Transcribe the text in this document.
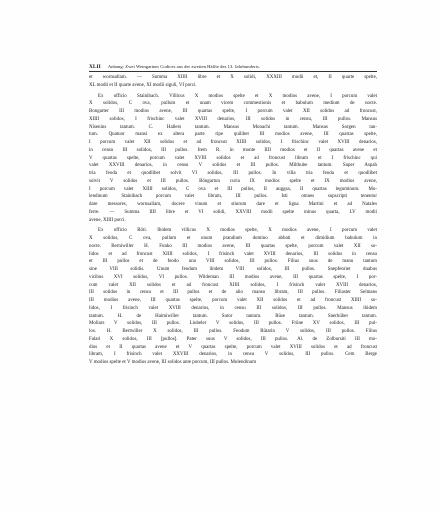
XLII Anhang: Zwei Weingartner Codices aus der zweiten Hälfte des 13. Jahrhunderts.
et wornsallam. — Summa XIIII libre et X solidi, XXXIII modii et, II quarte spelte,
XL modii et II quarte avene, XI modii siguli, VI porci.
Ex officio Stainibach. Villicus X modios spelte et X modios avene, I porcum valet
X solidos, C ova, pullum et unam vicem commestionis et babulum medium de nocte.
Bongarter III modios avene, III quartas spelte, I porcum valet XII solidos ad froncust,
XIIII solidos, I frischinc valet XVIII denarios, III solidos in censu, III pullos. Mansus
Nisenins tantum. C. Hallers tantum. Mansus Monachi tantum. Mansus Sorgen tan-
tum. Quatuor mansi ex altera parte ripe quilibet III modios avene, III quartas spelte,
I porcum valet XII solidos et ad froncust XIIII solidos, I frischinc valet XVIII denarios,
in censu III solidos, III pullos. Item R. in monte IIII modios et II quartas avene et
V quartas spelte, porcum valet XVIII solidos et ad froncust libram et I frischinc qui
valet XXVIII denarios, in censu V solidos et III pullos. Milthube tantum. Super Aspah
tria feoda et quodlibet solvit VI solidos, III pullos. In villa tria feoda et quodlibet
solvit V solidos et III pullos. Bōngartun curia IX modios spelte et IX modios avene,
I porcum valet XIIII solidos, C ova et III pullos, II auggsa, II quartas leguminum. Mo-
lendinum Stainibach porcum valet libram, III pullos. Isti omnes supscripti tenentur
dare messores, wornsallam, docere vinum et stiurum dare et ligna Martini et ad Natales
ferre. — Summa IIII libre et VI solidi, XXVIII modii spelte minus quarta, LV modii
avene, XIIII porci.
Ex officio Rōti. Ibidem villicus X modios spelte, X modios avene, I porcum valet
X solidos, C ova, pullum et unum prandium domino abbati et dimidium babulum in
nocte. Berniwiller H. Funko III modios avene, III quartas spelte, porcum valet XII so-
lidos et ad froncust XIIII solidos, I frisinch valet XVIII denarios, III solidos in censu
et III pullos et de feodo uno VIII solidos, III pullos. Filius suus de manu tantum
sine VIII solidis. Unum feodum ibidem VIII solidos, III pullos. Snepfenriet duabus
vicibus XVI solidos, VI pullos. Wildeman III modios avene, III quartas spelte, I por-
cum valet XII solidos et ad froncust XIIII solidos, I frisinch valet XVIII denarios,
III solidos in censu et III pullos et de alio manso libram, III pullos. Filiaster Selmans
III modios avene, III quartas spelte, porcum valet XII solidos et ad froncust XIIII so-
lidos, I frisinch valet XVIII denarios, in censu III solidos, III pullos. Mansus ibidem
tantum. H. de Haimiwiller tantum. Sutor tantum. Rūse tantum. Snerhüber tantum.
Mollars V solidos, III pullos. Liubeler V solidos, III pullos. Frūne XV solidos, III pul-
los. H. Bertwiller X solidos, III pullos. Feodum Rūtarin V solidos, III pullos. Filius
Falari X solidos, III [pullos]. Pater suus V solidos, III pullos. Al. de Zolbursiti III mo-
dios et II quartas avene et V quartas spelte, porcum valet XVIII solidos et ad froncust
libram, I frisinch valet XXVIII denarios, in censu V solidos, III pullos. Cem Berge
V modios spelte et V modios avene, III solidos ante porcum, III pullos. Molendinum
